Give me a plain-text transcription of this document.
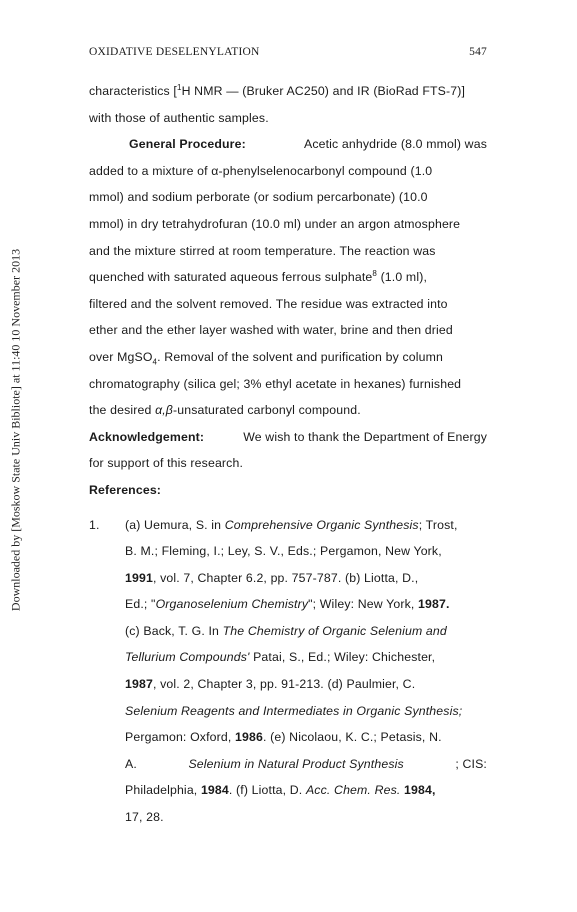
Downloaded by [Moskow State Univ Bibliote] at 11:40 10 November 2013
OXIDATIVE DESELENYLATION	547
characteristics [$^1$H NMR — (Bruker AC250) and IR (BioRad FTS-7)]
with those of authentic samples.
General Procedure:	Acetic anhydride (8.0 mmol) was
added to a mixture of α-phenylselenocarbonyl compound (1.0
mmol) and sodium perborate (or sodium percarbonate) (10.0
mmol) in dry tetrahydrofuran (10.0 ml) under an argon atmosphere
and the mixture stirred at room temperature. The reaction was
quenched with saturated aqueous ferrous sulphate$^8$ (1.0 ml),
filtered and the solvent removed. The residue was extracted into
ether and the ether layer washed with water, brine and then dried
over MgSO$_4$. Removal of the solvent and purification by column
chromatography (silica gel; 3% ethyl acetate in hexanes) furnished
the desired α,β-unsaturated carbonyl compound.
Acknowledgement:	We wish to thank the Department of Energy
for support of this research.
References:
1.	(a) Uemura, S. in Comprehensive Organic Synthesis; Trost,
B. M.; Fleming, I.; Ley, S. V., Eds.; Pergamon, New York,
1991, vol. 7, Chapter 6.2, pp. 757-787. (b) Liotta, D.,
Ed.; "Organoselenium Chemistry"; Wiley: New York, 1987.
(c) Back, T. G. In The Chemistry of Organic Selenium and
Tellurium Compounds' Patai, S., Ed.; Wiley: Chichester,
1987, vol. 2, Chapter 3, pp. 91-213. (d) Paulmier, C.
Selenium Reagents and Intermediates in Organic Synthesis;
Pergamon: Oxford, 1986. (e) Nicolaou, K. C.; Petasis, N.
A.	Selenium in Natural Product Synthesis	; CIS:
Philadelphia, 1984. (f) Liotta, D. Acc. Chem. Res. 1984,
17, 28.
